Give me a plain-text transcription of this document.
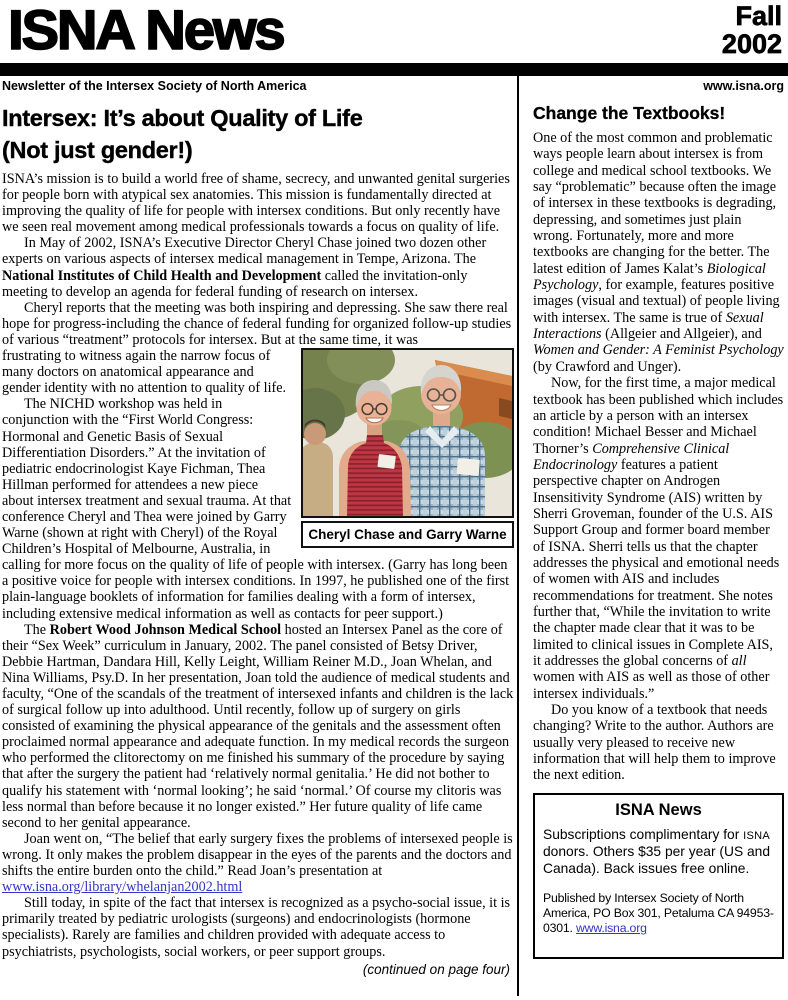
ISNA News	Fall
2002
Newsletter of the Intersex Society of North America
Intersex: It’s about Quality of Life
(Not just gender!)

ISNA’s mission is to build a world free of shame, secrecy, and unwanted genital surgeries for people born with atypical sex anatomies. This mission is fundamentally directed at improving the quality of life for people with intersex conditions. But only recently have we seen real movement among medical professionals towards a focus on quality of life.

In May of 2002, ISNA’s Executive Director Cheryl Chase joined two dozen other experts on various aspects of intersex medical management in Tempe, Arizona. The National Institutes of Child Health and Development called the invitation-only meeting to develop an agenda for federal funding of research on intersex.

Cheryl reports that the meeting was both inspiring and depressing. She saw there real hope for progress-including the chance of federal funding for organized follow-up studies of various “treatment” protocols for intersex. But at the same time, it was

Cheryl Chase and Garry Warne

frustrating to witness again the narrow focus of many doctors on anatomical appearance and gender identity with no attention to quality of life.

The NICHD workshop was held in conjunction with the “First World Congress: Hormonal and Genetic Basis of Sexual Differentiation Disorders.” At the invitation of pediatric endocrinologist Kaye Fichman, Thea Hillman performed for attendees a new piece about intersex treatment and sexual trauma. At that conference Cheryl and Thea were joined by Garry Warne (shown at right with Cheryl) of the Royal Children’s Hospital of Melbourne, Australia, in calling for more focus on the quality of life of people with intersex. (Garry has long been a positive voice for people with intersex conditions. In 1997, he published one of the first plain-language booklets of information for families dealing with a form of intersex, including extensive medical information as well as contacts for peer support.)

The Robert Wood Johnson Medical School hosted an Intersex Panel as the core of their “Sex Week” curriculum in January, 2002. The panel consisted of Betsy Driver, Debbie Hartman, Dandara Hill, Kelly Leight, William Reiner M.D., Joan Whelan, and Nina Williams, Psy.D. In her presentation, Joan told the audience of medical students and faculty, “One of the scandals of the treatment of intersexed infants and children is the lack of surgical follow up into adulthood. Until recently, follow up of surgery on girls consisted of examining the physical appearance of the genitals and the assessment often proclaimed normal appearance and adequate function. In my medical records the surgeon who performed the clitorectomy on me finished his summary of the procedure by saying that after the surgery the patient had ‘relatively normal genitalia.’ He did not bother to qualify his statement with ‘normal looking’; he said ‘normal.’ Of course my clitoris was less normal than before because it no longer existed.” Her future quality of life came second to her genital appearance.

Joan went on, “The belief that early surgery fixes the problems of intersexed people is wrong. It only makes the problem disappear in the eyes of the parents and the doctors and shifts the entire burden onto the child.” Read Joan’s presentation at www.isna.org/library/whelanjan2002.html

Still today, in spite of the fact that intersex is recognized as a psycho-social issue, it is primarily treated by pediatric urologists (surgeons) and endocrinologists (hormone specialists). Rarely are families and children provided with adequate access to psychiatrists, psychologists, social workers, or peer support groups.

(continued on page four)
www.isna.org
Change the Textbooks!

One of the most common and problematic ways people learn about intersex is from college and medical school textbooks. We say “problematic” because often the image of intersex in these textbooks is degrading, depressing, and sometimes just plain wrong. Fortunately, more and more textbooks are changing for the better. The latest edition of James Kalat’s Biological Psychology, for example, features positive images (visual and textual) of people living with intersex. The same is true of Sexual Interactions (Allgeier and Allgeier), and Women and Gender: A Feminist Psychology (by Crawford and Unger).

Now, for the first time, a major medical textbook has been published which includes an article by a person with an intersex condition! Michael Besser and Michael Thorner’s Comprehensive Clinical Endocrinology features a patient perspective chapter on Androgen Insensitivity Syndrome (AIS) written by Sherri Groveman, founder of the U.S. AIS Support Group and former board member of ISNA. Sherri tells us that the chapter addresses the physical and emotional needs of women with AIS and includes recommendations for treatment. She notes further that, “While the invitation to write the chapter made clear that it was to be limited to clinical issues in Complete AIS, it addresses the global concerns of all women with AIS as well as those of other intersex individuals.”

Do you know of a textbook that needs changing? Write to the author. Authors are usually very pleased to receive new information that will help them to improve the next edition.

ISNA News

Subscriptions complimentary for ISNA donors. Others $35 per year (US and Canada). Back issues free online.

Published by Intersex Society of North America, PO Box 301, Petaluma CA 94953-0301. www.isna.org
